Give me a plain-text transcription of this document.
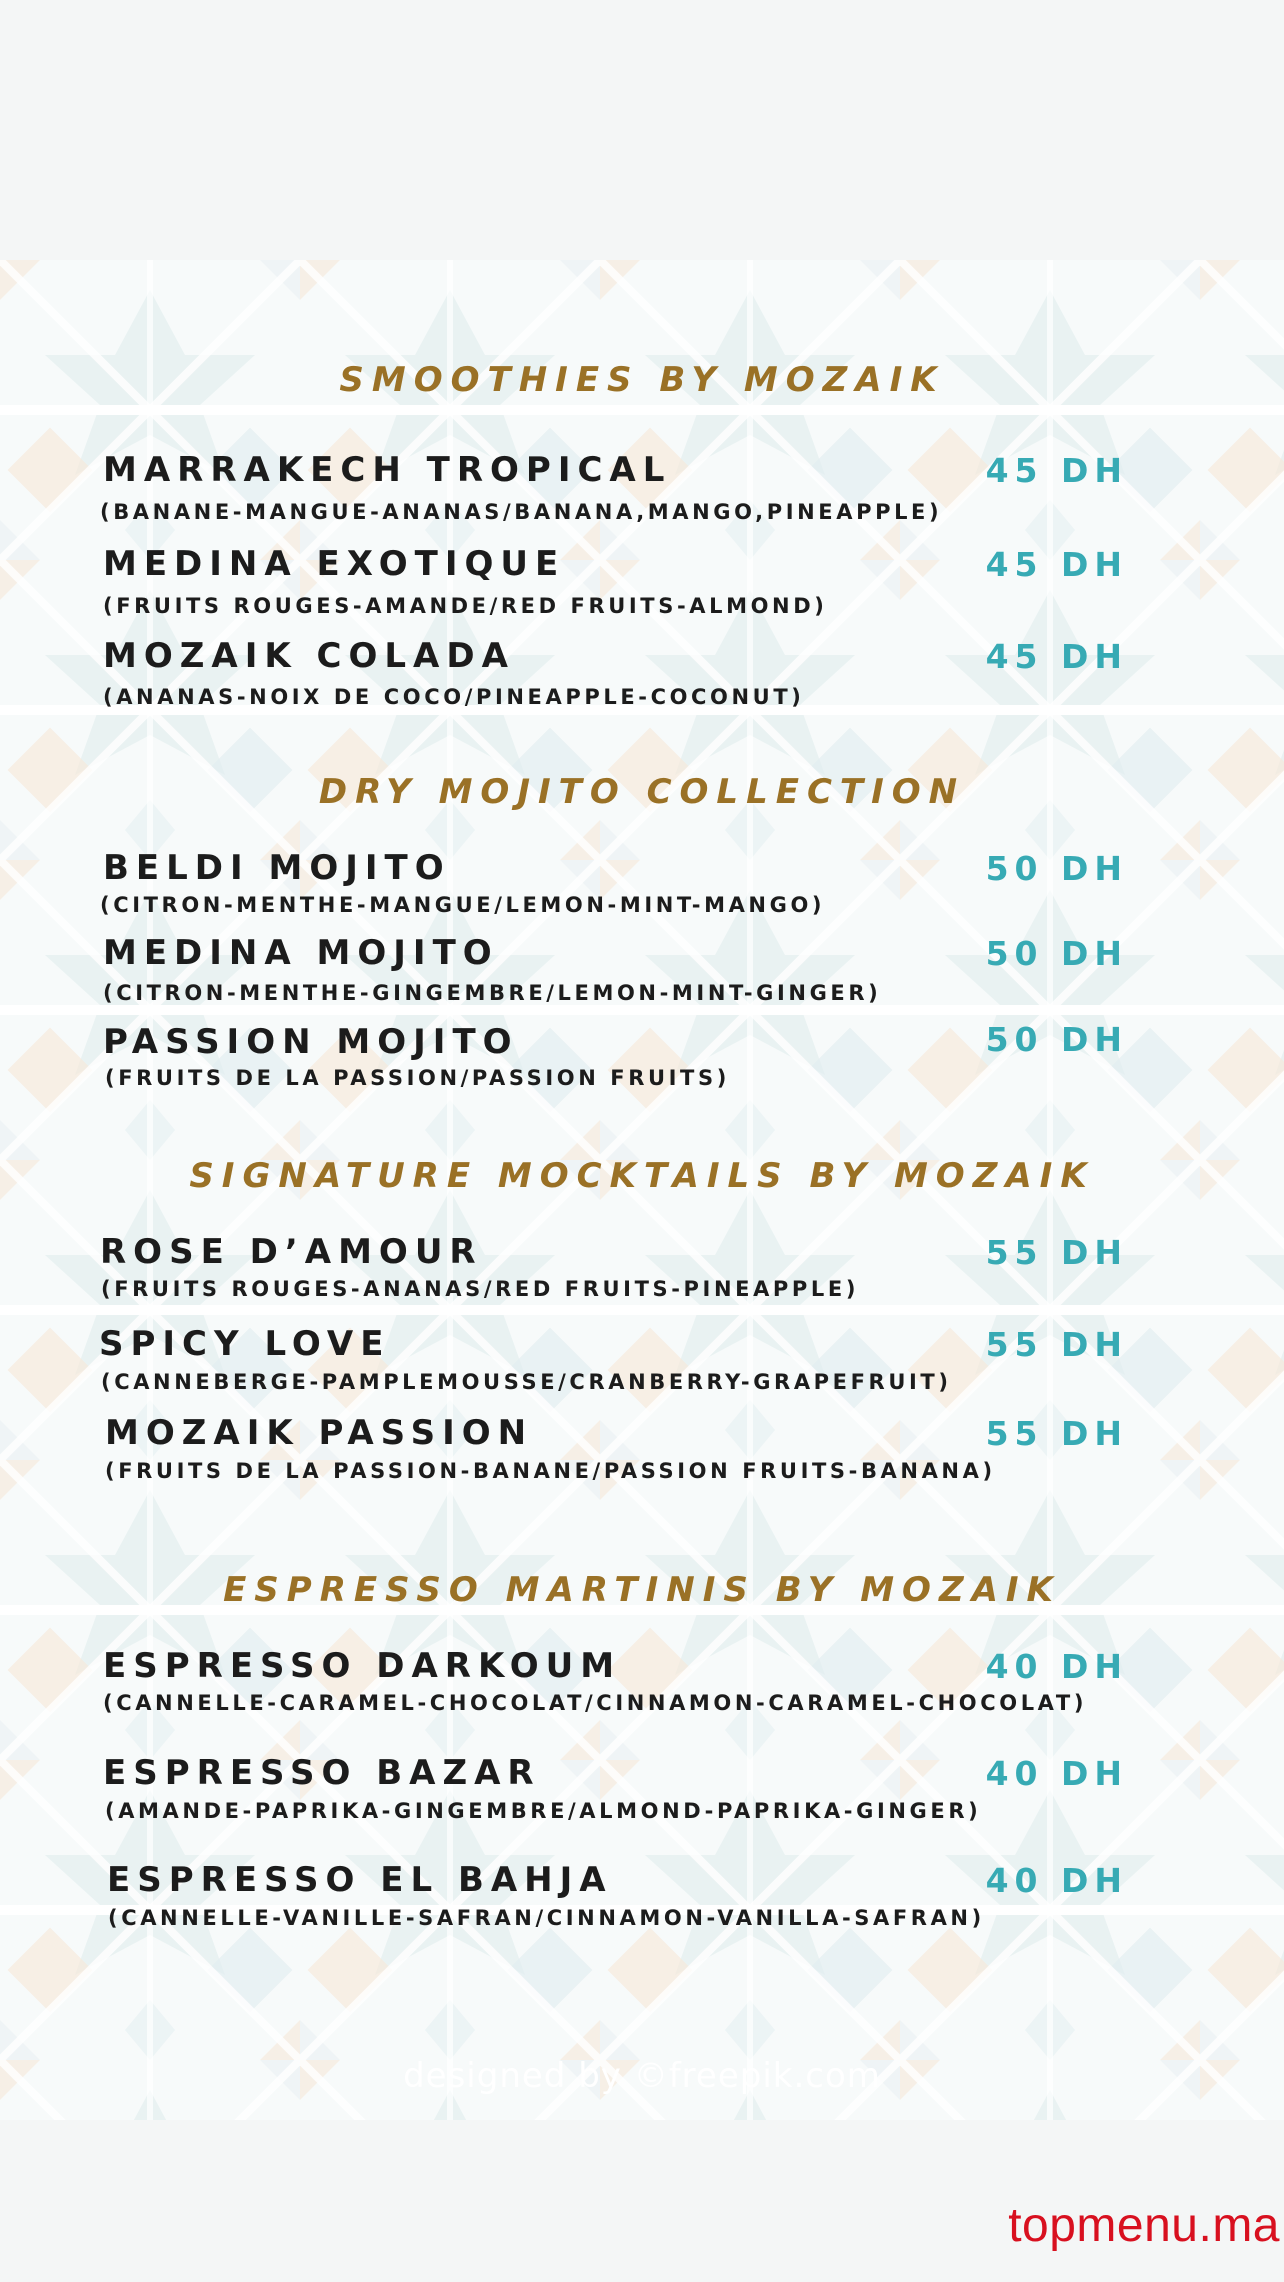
SMOOTHIES BY MOZAIK
MARRAKECH TROPICAL	45 DH
(BANANE-MANGUE-ANANAS/BANANA,MANGO,PINEAPPLE)
MEDINA EXOTIQUE	45 DH
(FRUITS ROUGES-AMANDE/RED FRUITS-ALMOND)
MOZAIK COLADA	45 DH
(ANANAS-NOIX DE COCO/PINEAPPLE-COCONUT)
DRY MOJITO COLLECTION
BELDI MOJITO	50 DH
(CITRON-MENTHE-MANGUE/LEMON-MINT-MANGO)
MEDINA MOJITO	50 DH
(CITRON-MENTHE-GINGEMBRE/LEMON-MINT-GINGER)
PASSION MOJITO	50 DH
(FRUITS DE LA PASSION/PASSION FRUITS)
SIGNATURE MOCKTAILS BY MOZAIK
ROSE D’AMOUR	55 DH
(FRUITS ROUGES-ANANAS/RED FRUITS-PINEAPPLE)
SPICY LOVE	55 DH
(CANNEBERGE-PAMPLEMOUSSE/CRANBERRY-GRAPEFRUIT)
MOZAIK PASSION	55 DH
(FRUITS DE LA PASSION-BANANE/PASSION FRUITS-BANANA)
ESPRESSO MARTINIS BY MOZAIK
ESPRESSO DARKOUM	40 DH
(CANNELLE-CARAMEL-CHOCOLAT/CINNAMON-CARAMEL-CHOCOLAT)
ESPRESSO BAZAR	40 DH
(AMANDE-PAPRIKA-GINGEMBRE/ALMOND-PAPRIKA-GINGER)
ESPRESSO EL BAHJA	40 DH
(CANNELLE-VANILLE-SAFRAN/CINNAMON-VANILLA-SAFRAN)
designed by ©freepik.com
topmenu.ma
